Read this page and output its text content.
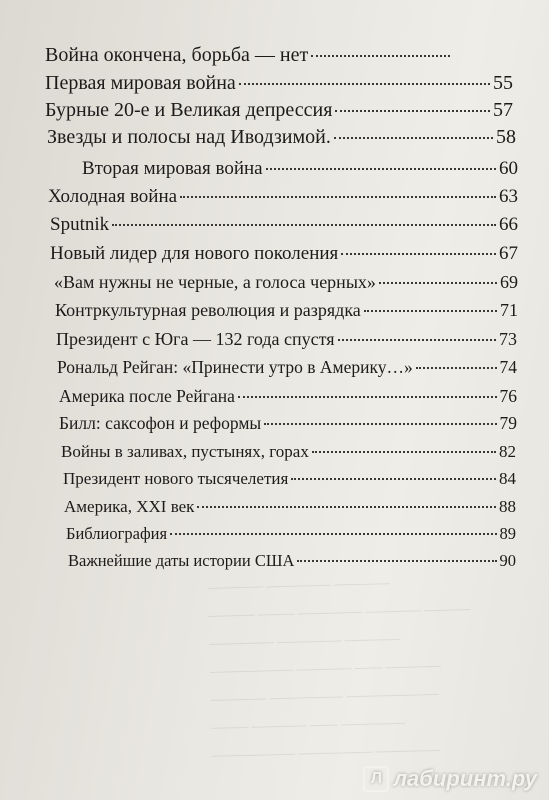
────── ─────── ──────
───── ──── ─────── ────── ─────
─────── ─────── ──────
───────── ────── ─── ──────
────── ──────── ──────────
──── ────── ─── ───────
───────── ──────── ───────
Война окончена, борьба — нет
Первая мировая война	55
Бурные 20-е и Великая депрессия	57
Звезды и полосы над Иводзимой.	58
Вторая мировая война	60
Холодная война	63
Sputnik	66
Новый лидер для нового поколения	67
«Вам нужны не черные, а голоса черных»	69
Контркультурная революция и разрядка	71
Президент с Юга — 132 года спустя	73
Рональд Рейган: «Принести утро в Америку…»	74
Америка после Рейгана	76
Билл: саксофон и реформы	79
Войны в заливах, пустынях, горах	82
Президент нового тысячелетия	84
Америка, XXI век	88
Библиография	89
Важнейшие даты истории США	90
Л лабиринт.ру
